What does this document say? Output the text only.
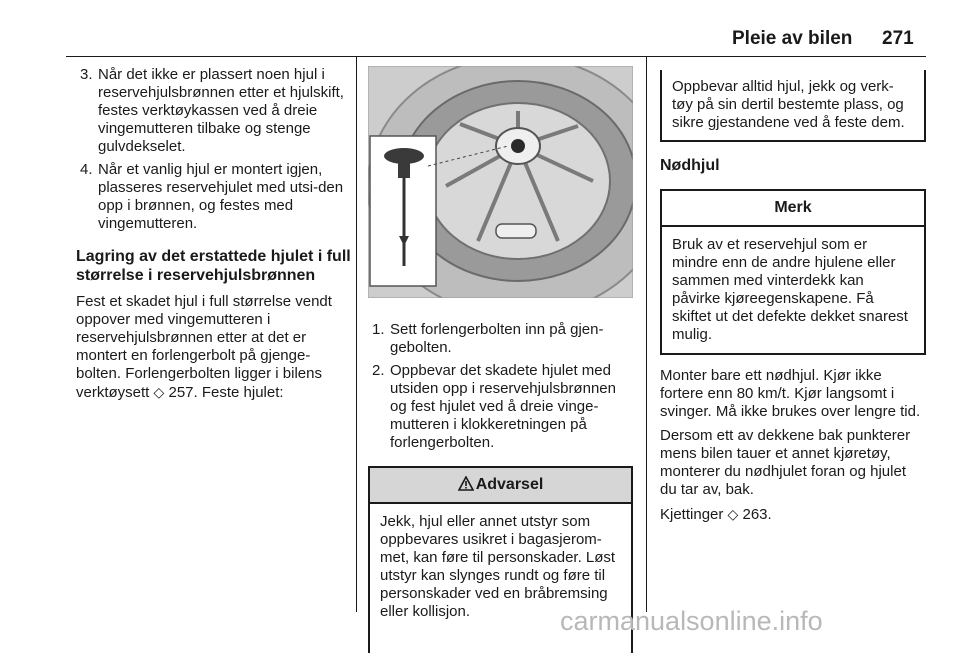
Pleie av bilen 271
3. Når det ikke er plassert noen hjul i reservehjulsbrønnen etter et hjulskift, festes verktøykassen ved å dreie vingemutteren tilbake og stenge gulvdekselet.
4. Når et vanlig hjul er montert igjen, plasseres reservehjulet med utsi-den opp i brønnen, og festes med vingemutteren.
Lagring av det erstattede hjulet i full størrelse i reservehjulsbrønnen

Fest et skadet hjul i full størrelse vendt oppover med vingemutteren i reservehjulsbrønnen etter at det er montert en forlengerbolt på gjenge-bolten. Forlengerbolten ligger i bilens verktøysett ◇ 257. Feste hjulet:

1. Sett forlengerbolten inn på gjen-gebolten.
2. Oppbevar det skadete hjulet med utsiden opp i reservehjulsbrønnen og fest hjulet ved å dreie vinge-mutteren i klokkeretningen på forlengerbolten.
Advarsel
Jekk, hjul eller annet utstyr som oppbevares usikret i bagasjerom-met, kan føre til personskader. Løst utstyr kan slynges rundt og føre til personskader ved en bråbremsing eller kollisjon.
Oppbevar alltid hjul, jekk og verk-tøy på sin dertil bestemte plass, og sikre gjestandene ved å feste dem.
Nødhjul
Merk
Bruk av et reservehjul som er mindre enn de andre hjulene eller sammen med vinterdekk kan påvirke kjøreegenskapene. Få skiftet ut det defekte dekket snarest mulig.

Monter bare ett nødhjul. Kjør ikke fortere enn 80 km/t. Kjør langsomt i svinger. Må ikke brukes over lengre tid.

Dersom ett av dekkene bak punkterer mens bilen tauer et annet kjøretøy, monterer du nødhjulet foran og hjulet du tar av, bak.

Kjettinger ◇ 263.

carmanualsonline.info
